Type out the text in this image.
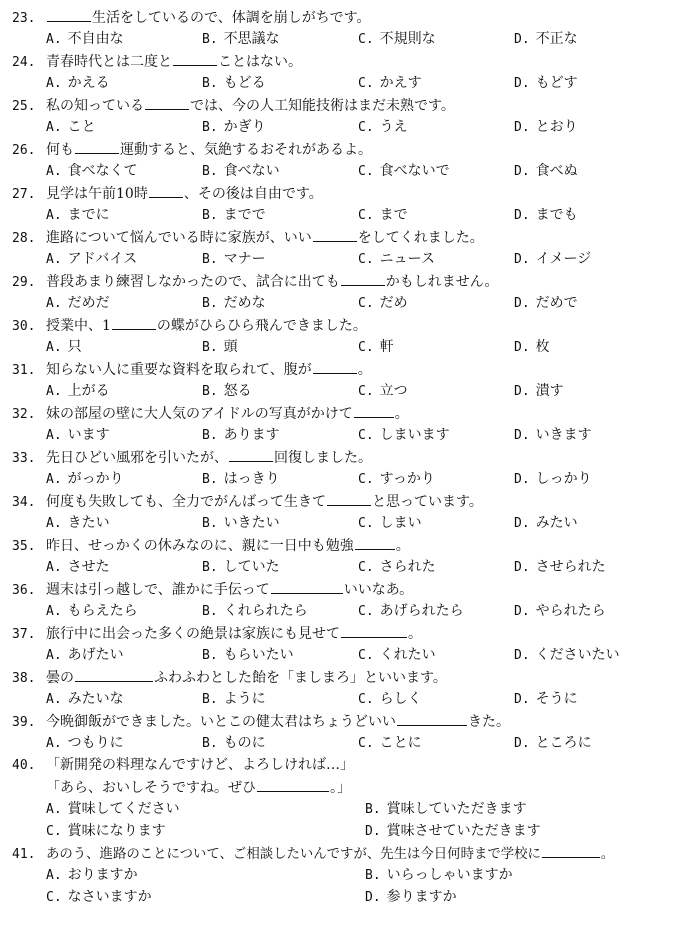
23.	生活をしているので、体調を崩しがちです。
A. 不自由な	B. 不思議な	C. 不規則な	D. 不正な
24. 青春時代とは二度と	ことはない。
A. かえる	B. もどる	C. かえす	D. もどす
25. 私の知っている	では、今の人工知能技術はまだ未熟です。
A. こと	B. かぎり	C. うえ	D. とおり
26. 何も	運動すると、気絶するおそれがあるよ。
A. 食べなくて	B. 食べない	C. 食べないで	D. 食べぬ
27. 見学は午前10時	、その後は自由です。
A. までに	B. までで	C. まで	D. までも
28. 進路について悩んでいる時に家族が、いい	をしてくれました。
A. アドバイス	B. マナー	C. ニュース	D. イメージ
29. 普段あまり練習しなかったので、試合に出ても	かもしれません。
A. だめだ	B. だめな	C. だめ	D. だめで
30. 授業中、1	の蝶がひらひら飛んできました。
A. 只	B. 頭	C. 軒	D. 枚
31. 知らない人に重要な資料を取られて、腹が	。
A. 上がる	B. 怒る	C. 立つ	D. 潰す
32. 妹の部屋の壁に大人気のアイドルの写真がかけて	。
A. います	B. あります	C. しまいます	D. いきます
33. 先日ひどい風邪を引いたが、	回復しました。
A. がっかり	B. はっきり	C. すっかり	D. しっかり
34. 何度も失敗しても、全力でがんばって生きて	と思っています。
A. きたい	B. いきたい	C. しまい	D. みたい
35. 昨日、せっかくの休みなのに、親に一日中も勉強	。
A. させた	B. していた	C. さられた	D. させられた
36. 週末は引っ越しで、誰かに手伝って	いいなあ。
A. もらえたら	B. くれられたら	C. あげられたら	D. やられたら
37. 旅行中に出会った多くの絶景は家族にも見せて	。
A. あげたい	B. もらいたい	C. くれたい	D. くださいたい
38. 曇の	ふわふわとした飴を「ましまろ」といいます。
A. みたいな	B. ように	C. らしく	D. そうに
39. 今晩御飯ができました。いとこの健太君はちょうどいい	きた。
A. つもりに	B. ものに	C. ことに	D. ところに
40. 「新開発の料理なんですけど、よろしければ…」
「あら、おいしそうですね。ぜひ	。」
A. 賞味してください	B. 賞味していただきます
C. 賞味になります	D. 賞味させていただきます
41. あのう、進路のことについて、ご相談したいんですが、先生は今日何時まで学校に	。
A. おりますか	B. いらっしゃいますか
C. なさいますか	D. 参りますか
